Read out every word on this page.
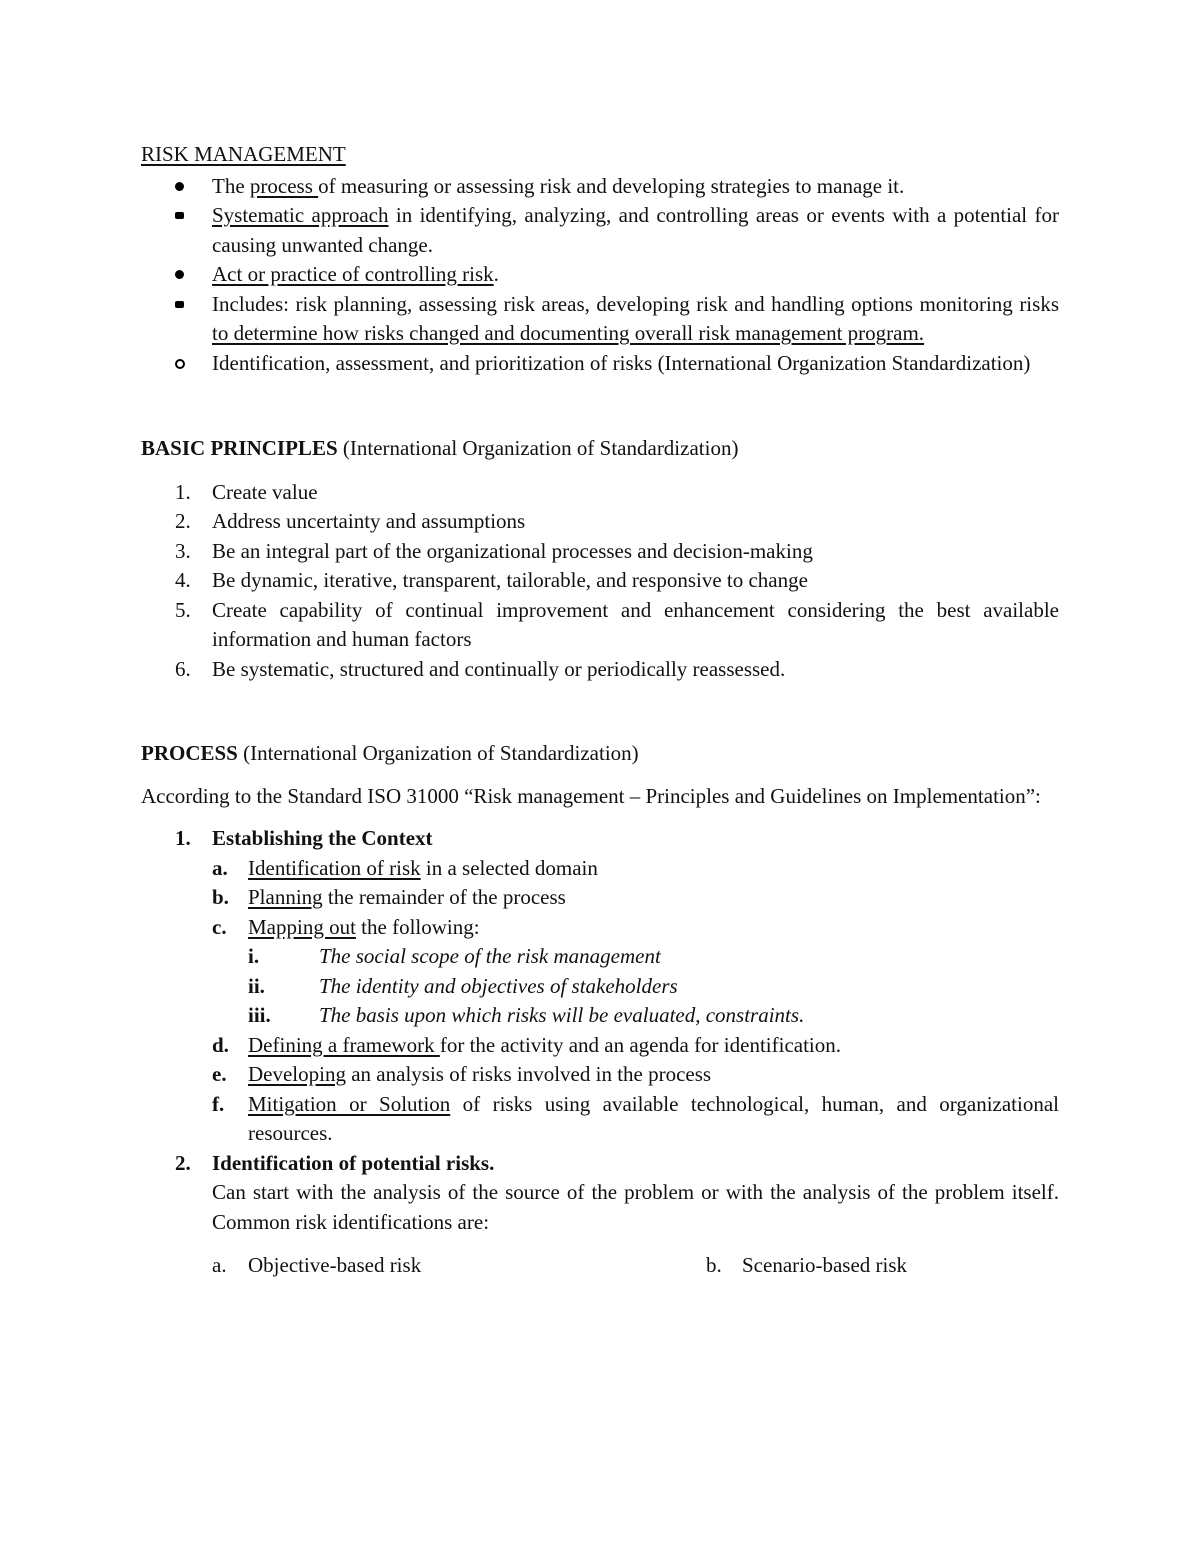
RISK MANAGEMENT
The process of measuring or assessing risk and developing strategies to manage it.
Systematic approach in identifying, analyzing, and controlling areas or events with a potential for causing unwanted change.
Act or practice of controlling risk.
Includes: risk planning, assessing risk areas, developing risk and handling options monitoring risks to determine how risks changed and documenting overall risk management program.
Identification, assessment, and prioritization of risks (International Organization Standardization)
BASIC PRINCIPLES (International Organization of Standardization)
1. Create value
2. Address uncertainty and assumptions
3. Be an integral part of the organizational processes and decision-making
4. Be dynamic, iterative, transparent, tailorable, and responsive to change
5. Create capability of continual improvement and enhancement considering the best available information and human factors
6. Be systematic, structured and continually or periodically reassessed.
PROCESS (International Organization of Standardization)

According to the Standard ISO 31000 “Risk management – Principles and Guidelines on Implementation”:

1. Establishing the Context
a. Identification of risk in a selected domain
b. Planning the remainder of the process
c. Mapping out the following:
i.	The social scope of the risk management
ii.	The identity and objectives of stakeholders
iii. The basis upon which risks will be evaluated, constraints.
d. Defining a framework for the activity and an agenda for identification.
e. Developing an analysis of risks involved in the process
f. Mitigation or Solution of risks using available technological, human, and organizational resources.
2. Identification of potential risks.
Can start with the analysis of the source of the problem or with the analysis of the problem itself. Common risk identifications are:
a. Objective-based risk	b. Scenario-based risk
